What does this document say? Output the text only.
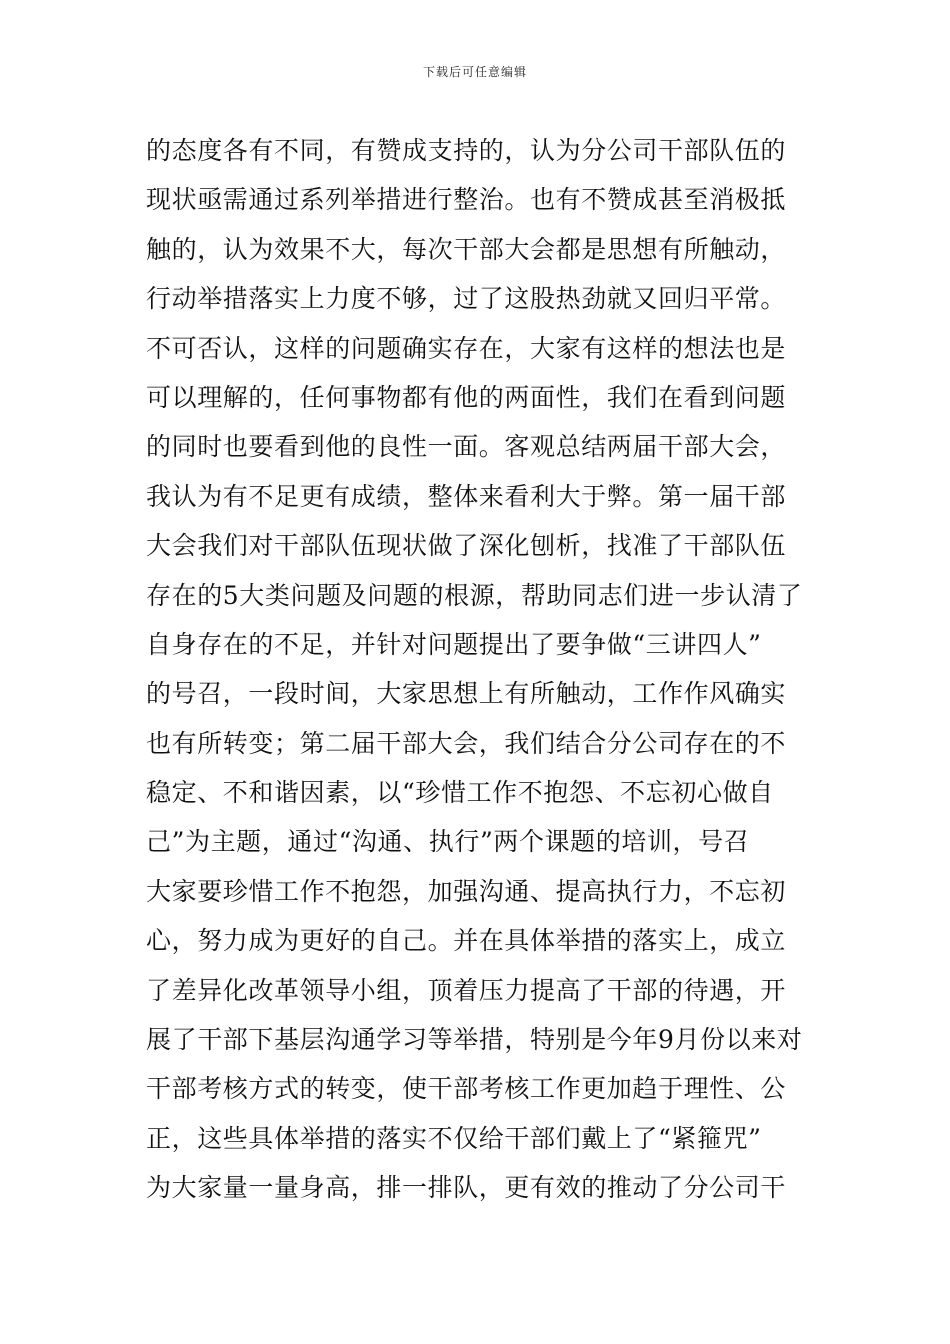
下载后可任意编辑
的态度各有不同，有赞成支持的，认为分公司干部队伍的
现状亟需通过系列举措进行整治。也有不赞成甚至消极抵
触的，认为效果不大，每次干部大会都是思想有所触动，
行动举措落实上力度不够，过了这股热劲就又回归平常。
不可否认，这样的问题确实存在，大家有这样的想法也是
可以理解的，任何事物都有他的两面性，我们在看到问题
的同时也要看到他的良性一面。客观总结两届干部大会，
我认为有不足更有成绩，整体来看利大于弊。第一届干部
大会我们对干部队伍现状做了深化刨析，找准了干部队伍
存在的5大类问题及问题的根源，帮助同志们进一步认清了
自身存在的不足，并针对问题提出了要争做“三讲四人”
的号召，一段时间，大家思想上有所触动，工作作风确实
也有所转变；第二届干部大会，我们结合分公司存在的不
稳定、不和谐因素，以“珍惜工作不抱怨、不忘初心做自
己”为主题，通过“沟通、执行”两个课题的培训，号召
大家要珍惜工作不抱怨，加强沟通、提高执行力，不忘初
心，努力成为更好的自己。并在具体举措的落实上，成立
了差异化改革领导小组，顶着压力提高了干部的待遇，开
展了干部下基层沟通学习等举措，特别是今年9月份以来对
干部考核方式的转变，使干部考核工作更加趋于理性、公
正，这些具体举措的落实不仅给干部们戴上了“紧箍咒”
为大家量一量身高，排一排队，更有效的推动了分公司干
